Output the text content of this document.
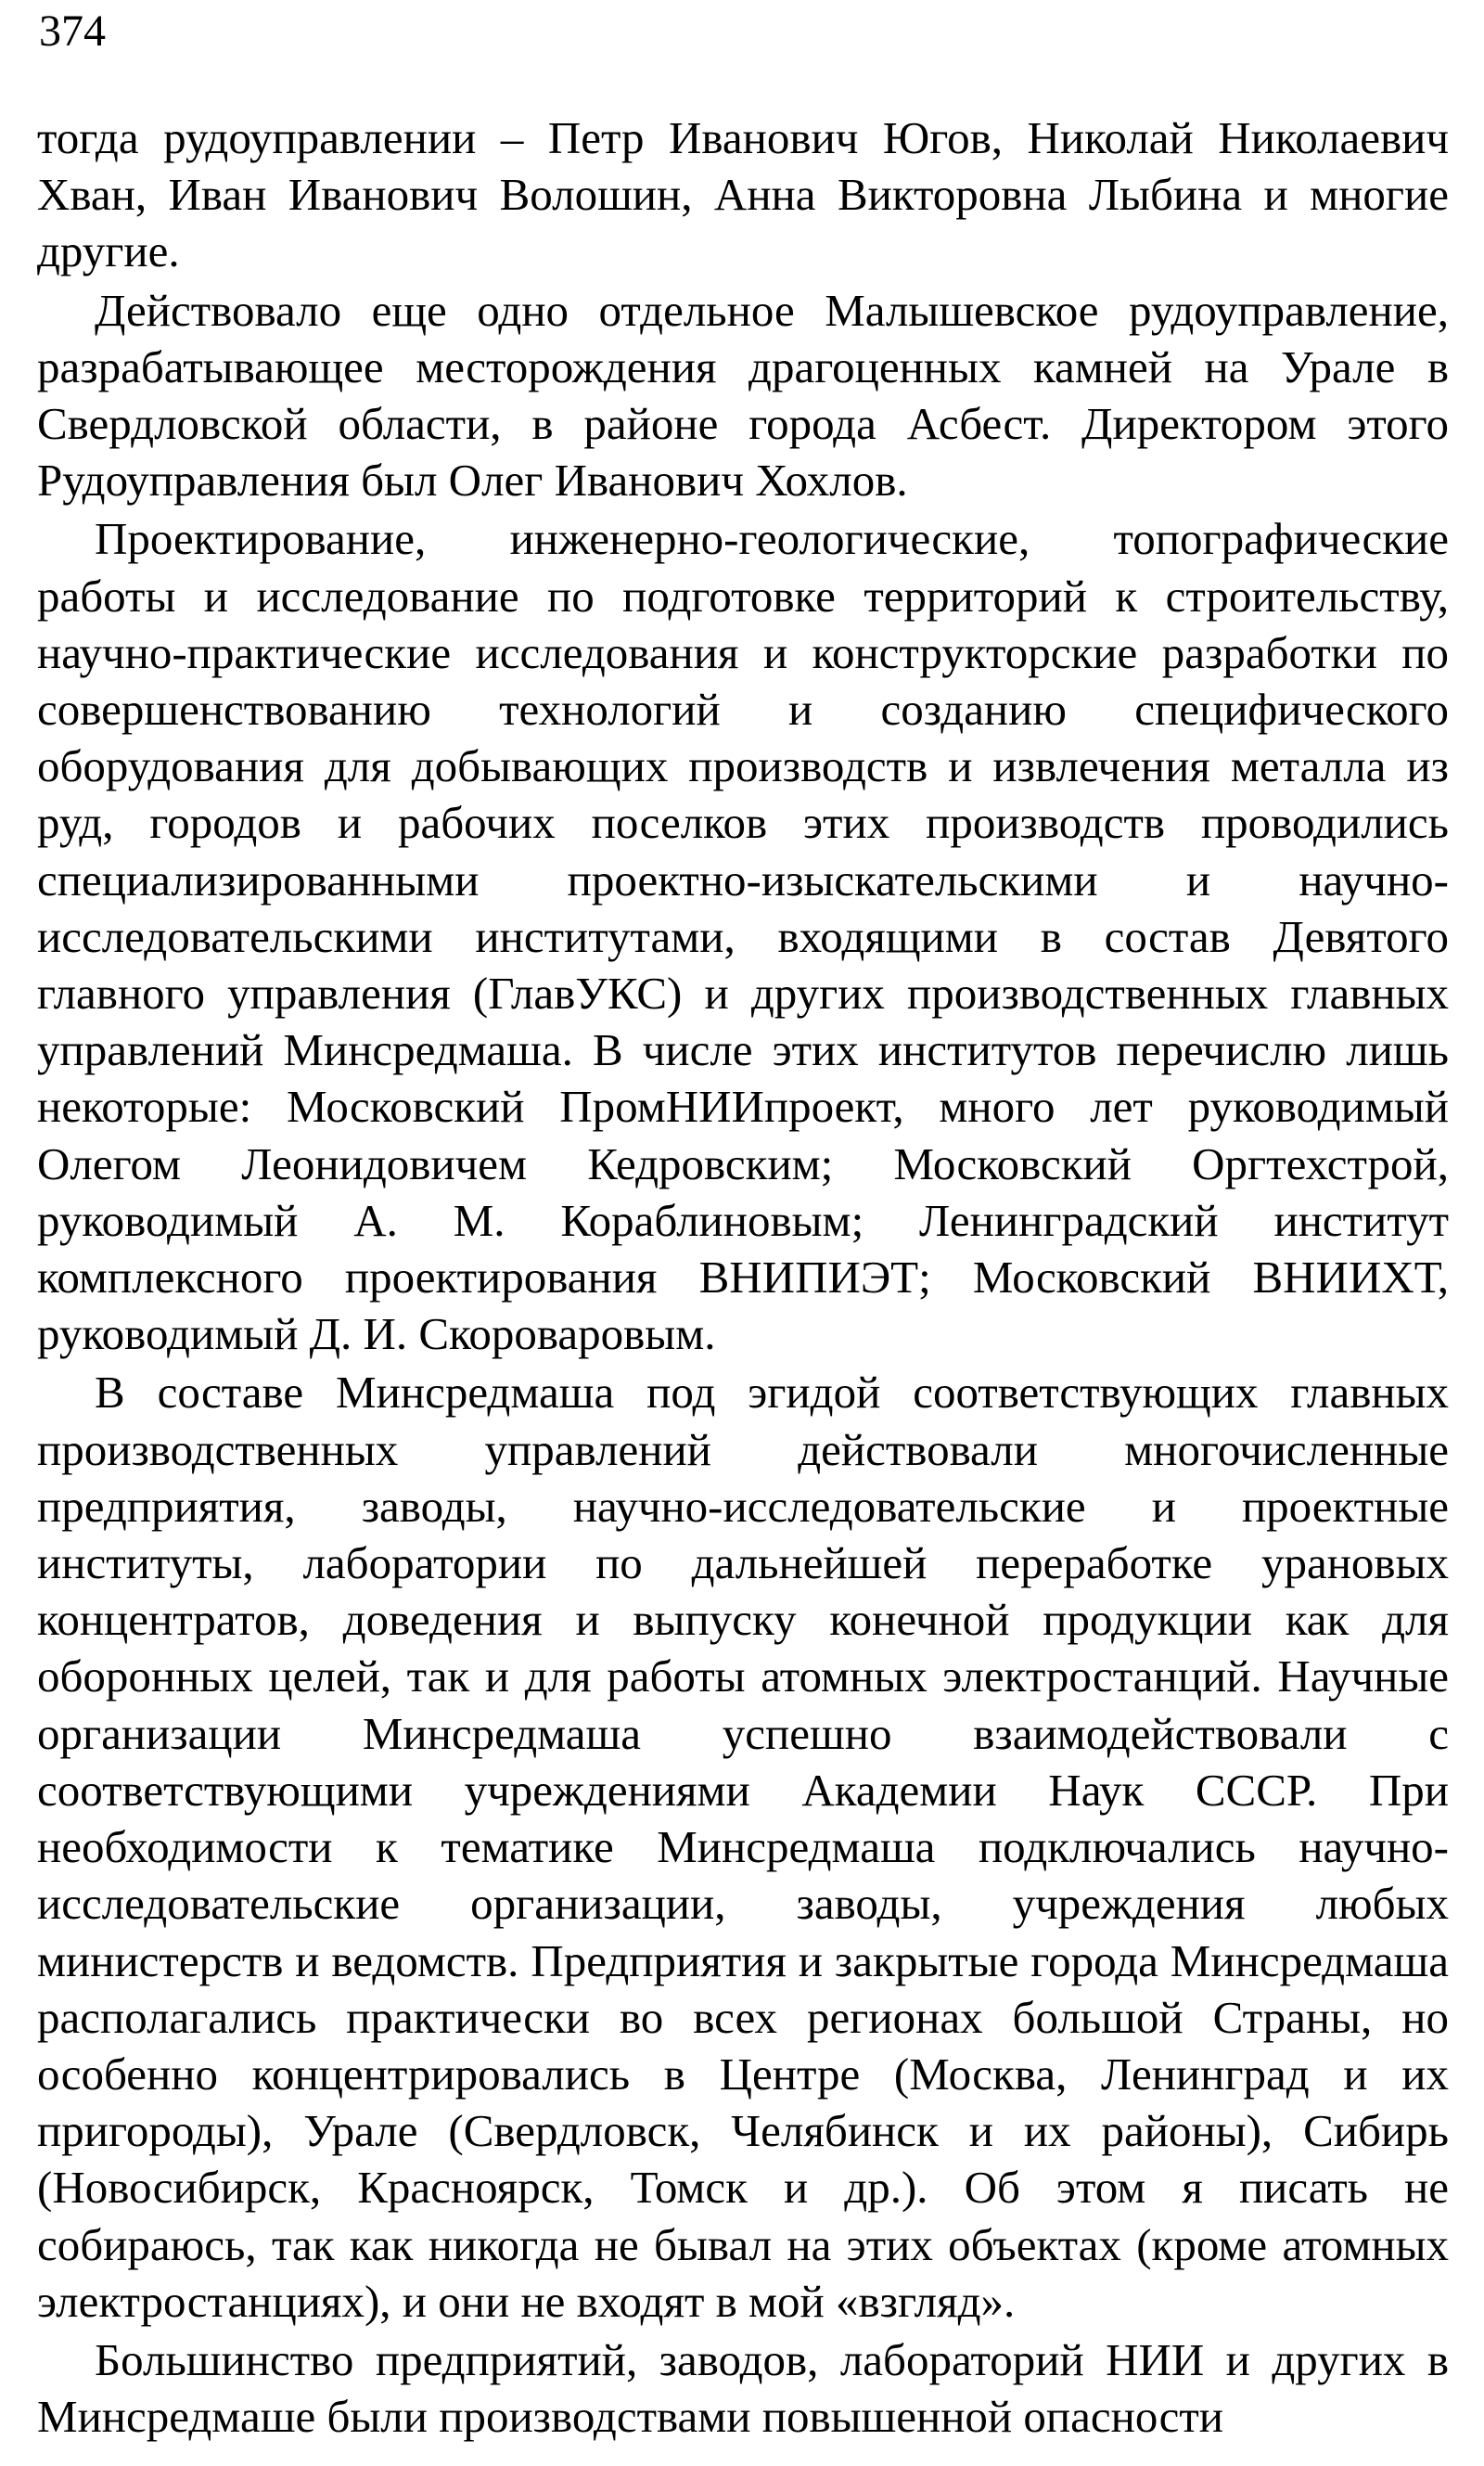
374

тогда рудоуправлении – Петр Иванович Югов, Николай Николаевич Хван, Иван Иванович Волошин, Анна Викторовна Лыбина и многие другие.

Действовало еще одно отдельное Малышевское рудоуправление, разрабатывающее месторождения драгоценных камней на Урале в Свердловской области, в районе города Асбест. Директором этого Рудоуправления был Олег Иванович Хохлов.

Проектирование, инженерно-геологические, топографические работы и исследование по подготовке территорий к строительству, научно-практические исследования и конструкторские разработки по совершенствованию технологий и созданию специфического оборудования для добывающих производств и извлечения металла из руд, городов и рабочих поселков этих производств проводились специализированными проектно-изыскательскими и научно-исследовательскими институтами, входящими в состав Девятого главного управления (ГлавУКС) и других производственных главных управлений Минсредмаша. В числе этих институтов перечислю лишь некоторые: Московский ПромНИИпроект, много лет руководимый Олегом Леонидовичем Кедровским; Московский Оргтехстрой, руководимый А. М. Кораблиновым; Ленинградский институт комплексного проектирования ВНИПИЭТ; Московский ВНИИХТ, руководимый Д. И. Скороваровым.

В составе Минсредмаша под эгидой соответствующих главных производственных управлений действовали многочисленные предприятия, заводы, научно-исследовательские и проектные институты, лаборатории по дальнейшей переработке урановых концентратов, доведения и выпуску конечной продукции как для оборонных целей, так и для работы атомных электростанций. Научные организации Минсредмаша успешно взаимодействовали с соответствующими учреждениями Академии Наук СССР. При необходимости к тематике Минсредмаша подключались научно-исследовательские организации, заводы, учреждения любых министерств и ведомств. Предприятия и закрытые города Минсредмаша располагались практически во всех регионах большой Страны, но особенно концентрировались в Центре (Москва, Ленинград и их пригороды), Урале (Свердловск, Челябинск и их районы), Сибирь (Новосибирск, Красноярск, Томск и др.). Об этом я писать не собираюсь, так как никогда не бывал на этих объектах (кроме атомных электростанциях), и они не входят в мой «взгляд».

Большинство предприятий, заводов, лабораторий НИИ и других в Минсредмаше были производствами повышенной опасности
